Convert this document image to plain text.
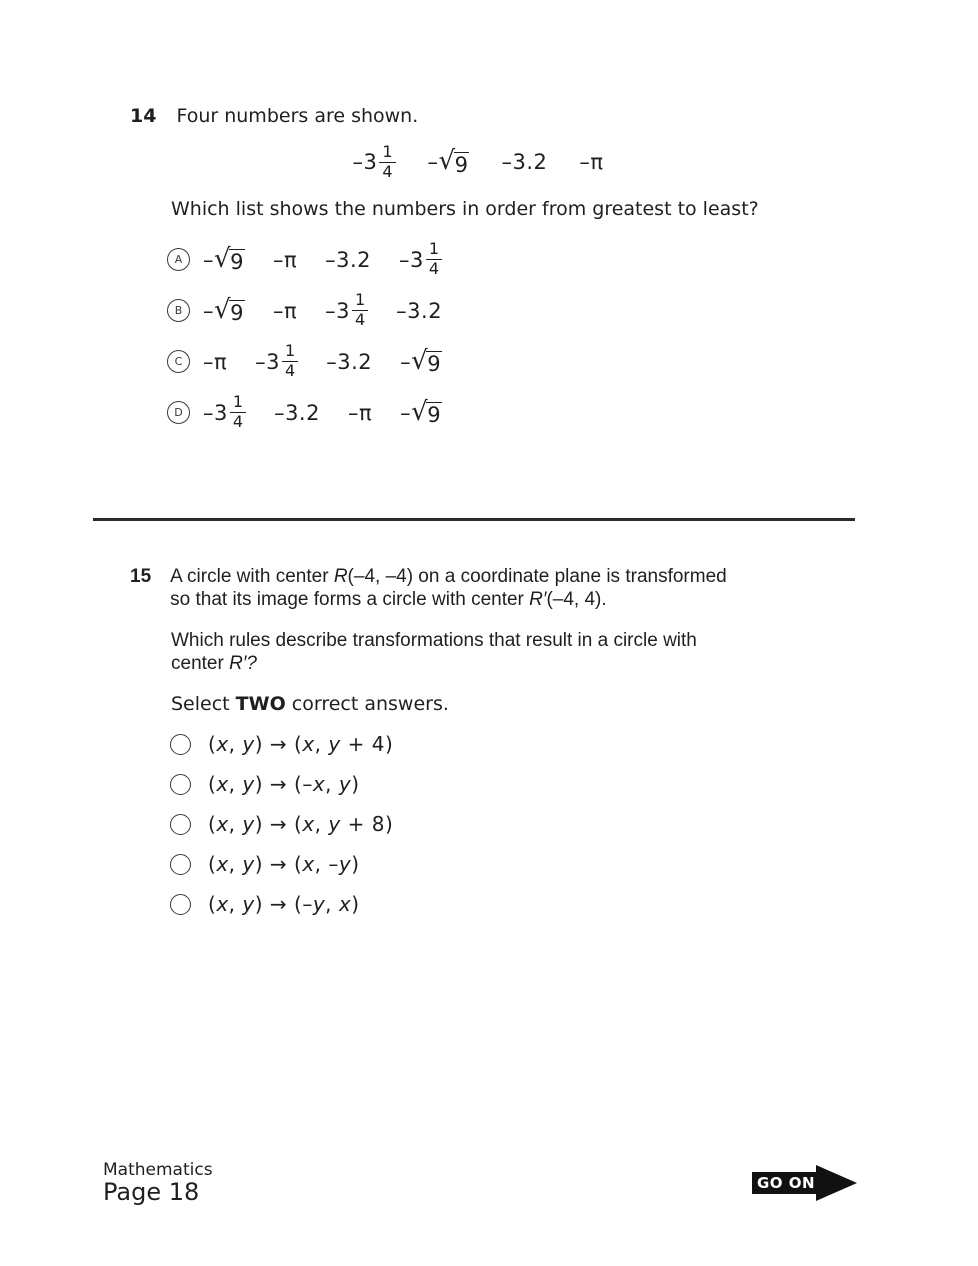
14 Four numbers are shown.
$-3 \frac{1}{4}$ – √ 9 –3.2 –π
Which list shows the numbers in order from greatest to least?
A – √ 9 –π –3.2 $-3 \frac{1}{4}$
B – √ 9 –π $-3 \frac{1}{4} -3.2$
C –π $-3 \frac{1}{4} -3.2$ – √ 9
D $-3 \frac{1}{4} -3.2$ –π – √ 9
15 A circle with center R(–4, –4) on a coordinate plane is transformed
so that its image forms a circle with center R′(–4, 4).
Which rules describe transformations that result in a circle with
center R′?
Select TWO correct answers.
(x, y) → (x, y + 4)
(x, y) → (–x, y)
(x, y) → (x, y + 8)
(x, y) → (x, –y)
(x, y) → (–y, x)
Mathematics
Page 18	GO ON
